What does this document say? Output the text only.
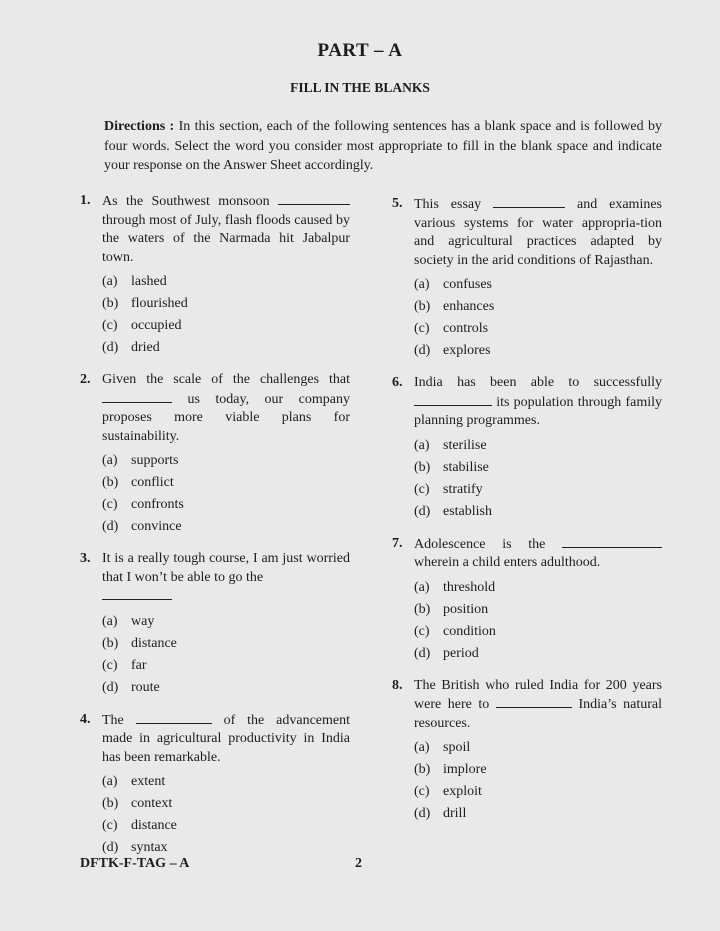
PART – A
FILL IN THE BLANKS
Directions : In this section, each of the following sentences has a blank space and is followed by four words. Select the word you consider most appropriate to fill in the blank space and indicate your response on the Answer Sheet accordingly.
1. As the Southwest monsoon  through most of July, flash floods caused by the waters of the Narmada hit Jabalpur town.
(a) lashed
(b) flourished
(c) occupied
(d) dried
2. Given the scale of the challenges that  us today, our company proposes more viable plans for sustainability.
(a) supports
(b) conflict
(c) confronts
(d) convince
3. It is a really tough course, I am just worried that I won’t be able to go the

(a) way
(b) distance
(c) far
(d) route
4. The	of the advancement made in agricultural productivity in India has been remarkable.
(a) extent
(b) context
(c) distance
(d) syntax
5. This essay	and examines various systems for water appropria-tion and agricultural practices adapted by society in the arid conditions of Rajasthan.
(a) confuses
(b) enhances
(c) controls
(d) explores
6. India has been able to successfully  its population through family planning programmes.
(a) sterilise
(b) stabilise
(c) stratify
(d) establish
7. Adolescence is the  wherein a child enters adulthood.
(a) threshold
(b) position
(c) condition
(d) period
8. The British who ruled India for 200 years were here to	India’s natural resources.
(a) spoil
(b) implore
(c) exploit
(d) drill
DFTK-F-TAG – A	2
